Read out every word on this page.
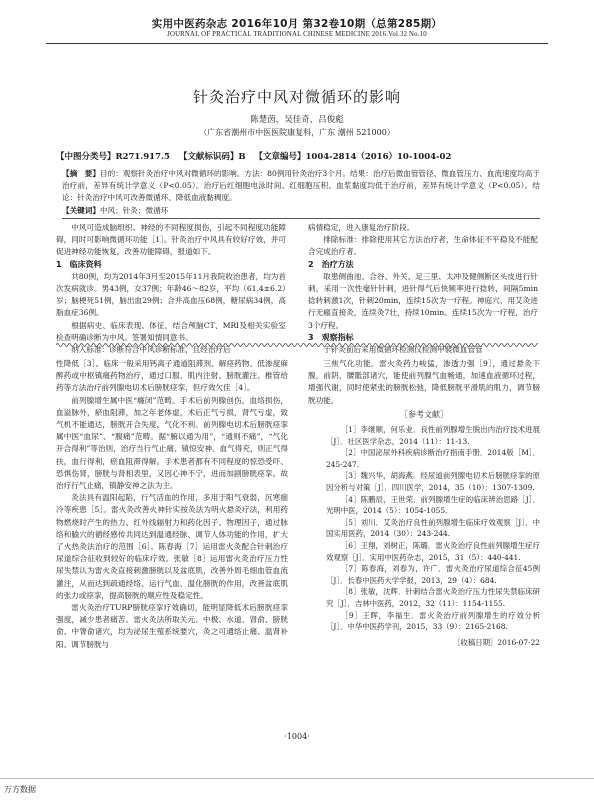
实用中医药杂志 2016年10月 第32卷10期（总第285期）
JOURNAL OF PRACTICAL TRADITIONAL CHINESE MEDICINE 2016.Vol.32 No.10
针灸治疗中风对微循环的影响
陈楚茵，吴佳奇，吕俊彪
（广东省潮州市中医医院康复科，广东 潮州 521000）
【中图分类号】R271.917.5 【文献标识码】B 【文章编号】1004-2814（2016）10-1004-02
【摘　要】目的：观察针灸治疗中风对微循环的影响。方法：80例用针灸治疗3个月。结果：治疗后微血管管径、微血管压力、血流速度均高于治疗前，差异有统计学意义（P<0.05）。治疗后红细胞电泳时间、红细胞压积、血浆黏度均低于治疗前，差异有统计学意义（P<0.05）。结论：针灸治疗中风可改善微循环、降低血液黏稠度。
【关键词】中风；针灸；微循环

中风可造成脑组织、神经的不同程度损伤，引起不同程度功能障碍，同时可影响微循环功能［1］。针灸治疗中风具有较好疗效，并可促进神经功能恢复，改善功能障碍，报道如下。

1　临床资料

共80例，均为2014年3月至2015年11月我院收治患者，均为首次发病就诊。男43例，女37例；年龄46～82岁，平均（61.4±6.2）岁；脑梗死51例，脑出血29例；合并高血压68例，糖尿病34例，高脂血症36例。

根据病史、临床表现、体征，结合颅脑CT、MRI及相关实验室检查明确诊断为中风。签署知情同意书。

纳入标准：诊断符合中风诊断标准，且经治疗后

病情稳定，进入康复治疗阶段。

排除标准：排除使用其它方法治疗者，生命体征不平稳及不能配合完成治疗者。

2　治疗方法

取患侧曲池、合谷、外关、足三里、太冲及健侧断区头皮进行针刺，采用一次性毫针针刺，进针得气后快频率进行捻转，间隔5min捻转刺激1次，针刺20min，连续15次为一疗程。神庭穴、用艾灸进行无瘢直接灸，连续灸7壮，持续10min。连续15次为一疗程，治疗3个疗程。

3　观察指标

于针灸前后采用微循环检测仪检测甲襞微血管管

性降低［3］。临床一般采用钙离子通道阻滞剂、解痉药物、低渗度麻醉药或中枢镇痛药物治疗，通过口服、肌内注射、膀胱灌注、椎管给药等方法治疗前列腺电切术后膀胱痉挛，但疗效欠佳［4］。

前列腺增生属中医“癃闭”范畴。手术后前列腺创伤，血络损伤，血溢脉外，瘀血阻滞，加之年老体虚，术后正气亏损，肾气亏虚，致气机不能通达，膀胱开合失度，气化不利。前列腺电切术后膀胱痉挛属中医“血尿”、“腹痛”范畴。据“腑以通为用”，“通则不痛”，“气化开合得利”等治则，治疗当行气止痛、镇惊安神。血气得充，则正气得扶，血行得利，瘀血阻滞得解。手术患者都有不同程度的惊恐受吓、恐惧伤肾，膀胱与肾相表里，又因心神不宁，进而加剧膀胱痉挛。故治疗行气止痛，镇静安神之法为主。

灸法具有温阳起陷，行气活血的作用，多用于阳气衰弱，沉寒痼冷等疾患［5］。雷火灸改善火神针实按灸法为明火悬灸疗法，利用药物燃烧时产生的热力、红外线辐射力和药化因子、物理因子，通过脉络和腧穴的循经感传共同达到温通经脉、调节人体功能的作用，扩大了火热灸法治疗的范围［6］。陈春海［7］运用雷火灸配合针刺治疗尿道综合征收到较好的临床疗效。张敏［8］运用雷火灸治疗压力性尿失禁认为雷火灸直接刺激膀胱以及盆底肌，改善外周毛细血管血流灌注，从而达到疏通经络、运行气血、温化膀胱的作用，改善盆底肌的张力或痉挛，提高膀胱的顺应性及稳定性。

雷火灸治疗TURP膀胱痉挛疗效确切，能明显降低术后膀胱痉挛强度，减少患者痛苦。雷火灸法所取关元、中极、水道、肾俞、膀胱俞、中膂俞诸穴，均为泌尿生殖系统要穴，灸之可通络止痛、温肾补阳、调节膀胱与

三焦气化功能。雷火灸药力峻猛，渗透力强［9］，通过悬灸下腹，前阴，腰骶部诸穴，能使前列腺气血畅通，加速血液循环过程，增强代谢，同时使紧张的膀胱松弛，降低膀胱平滑肌的肌力，调节膀胱功能。

［参考文献］

［1］李继顺，何乐业．良性前列腺增生脱出内治疗技术进展［J］．社区医学杂志，2014（11）：11-13.

［2］中国泌尿外科疾病诊断治疗指南手册．2014版［M］．245-247.

［3］魏兴华，胡海燕．经尿道前列腺电切术后膀胱痉挛的原因分析与对策［J］．四川医学，2014，35（10）：1307-1309.

［4］陈鹏辰，王世荣．前列腺增生症的临床辨治思路［J］．光明中医，2014（5）：1054-1055.

［5］刘川．艾灸治疗良性前列腺增生临床疗效观察［J］．中国实用医药，2014（30）：243-244.

［6］王翔，刘树正，陈璐．雷火灸治疗良性前列腺增生症疗效观察［J］．实用中医药杂志，2015，31（5）：440-441.

［7］陈春海，刘春为，许广．雷火灸治疗尿道综合征45例［J］．长春中医药大学学报，2013，29（4）：684.

［8］张敏，沈辉．针刺结合雷火灸治疗压力性尿失禁临床研究［J］．吉林中医药，2012，32（11）：1154-1155.

［9］王晖，李福生．雷火灸治疗前列腺增生的疗效分析［J］．中华中医药学刊，2015，33（9）：2165-2168.

［收稿日期］2016-07-22
·1004·
万方数据
